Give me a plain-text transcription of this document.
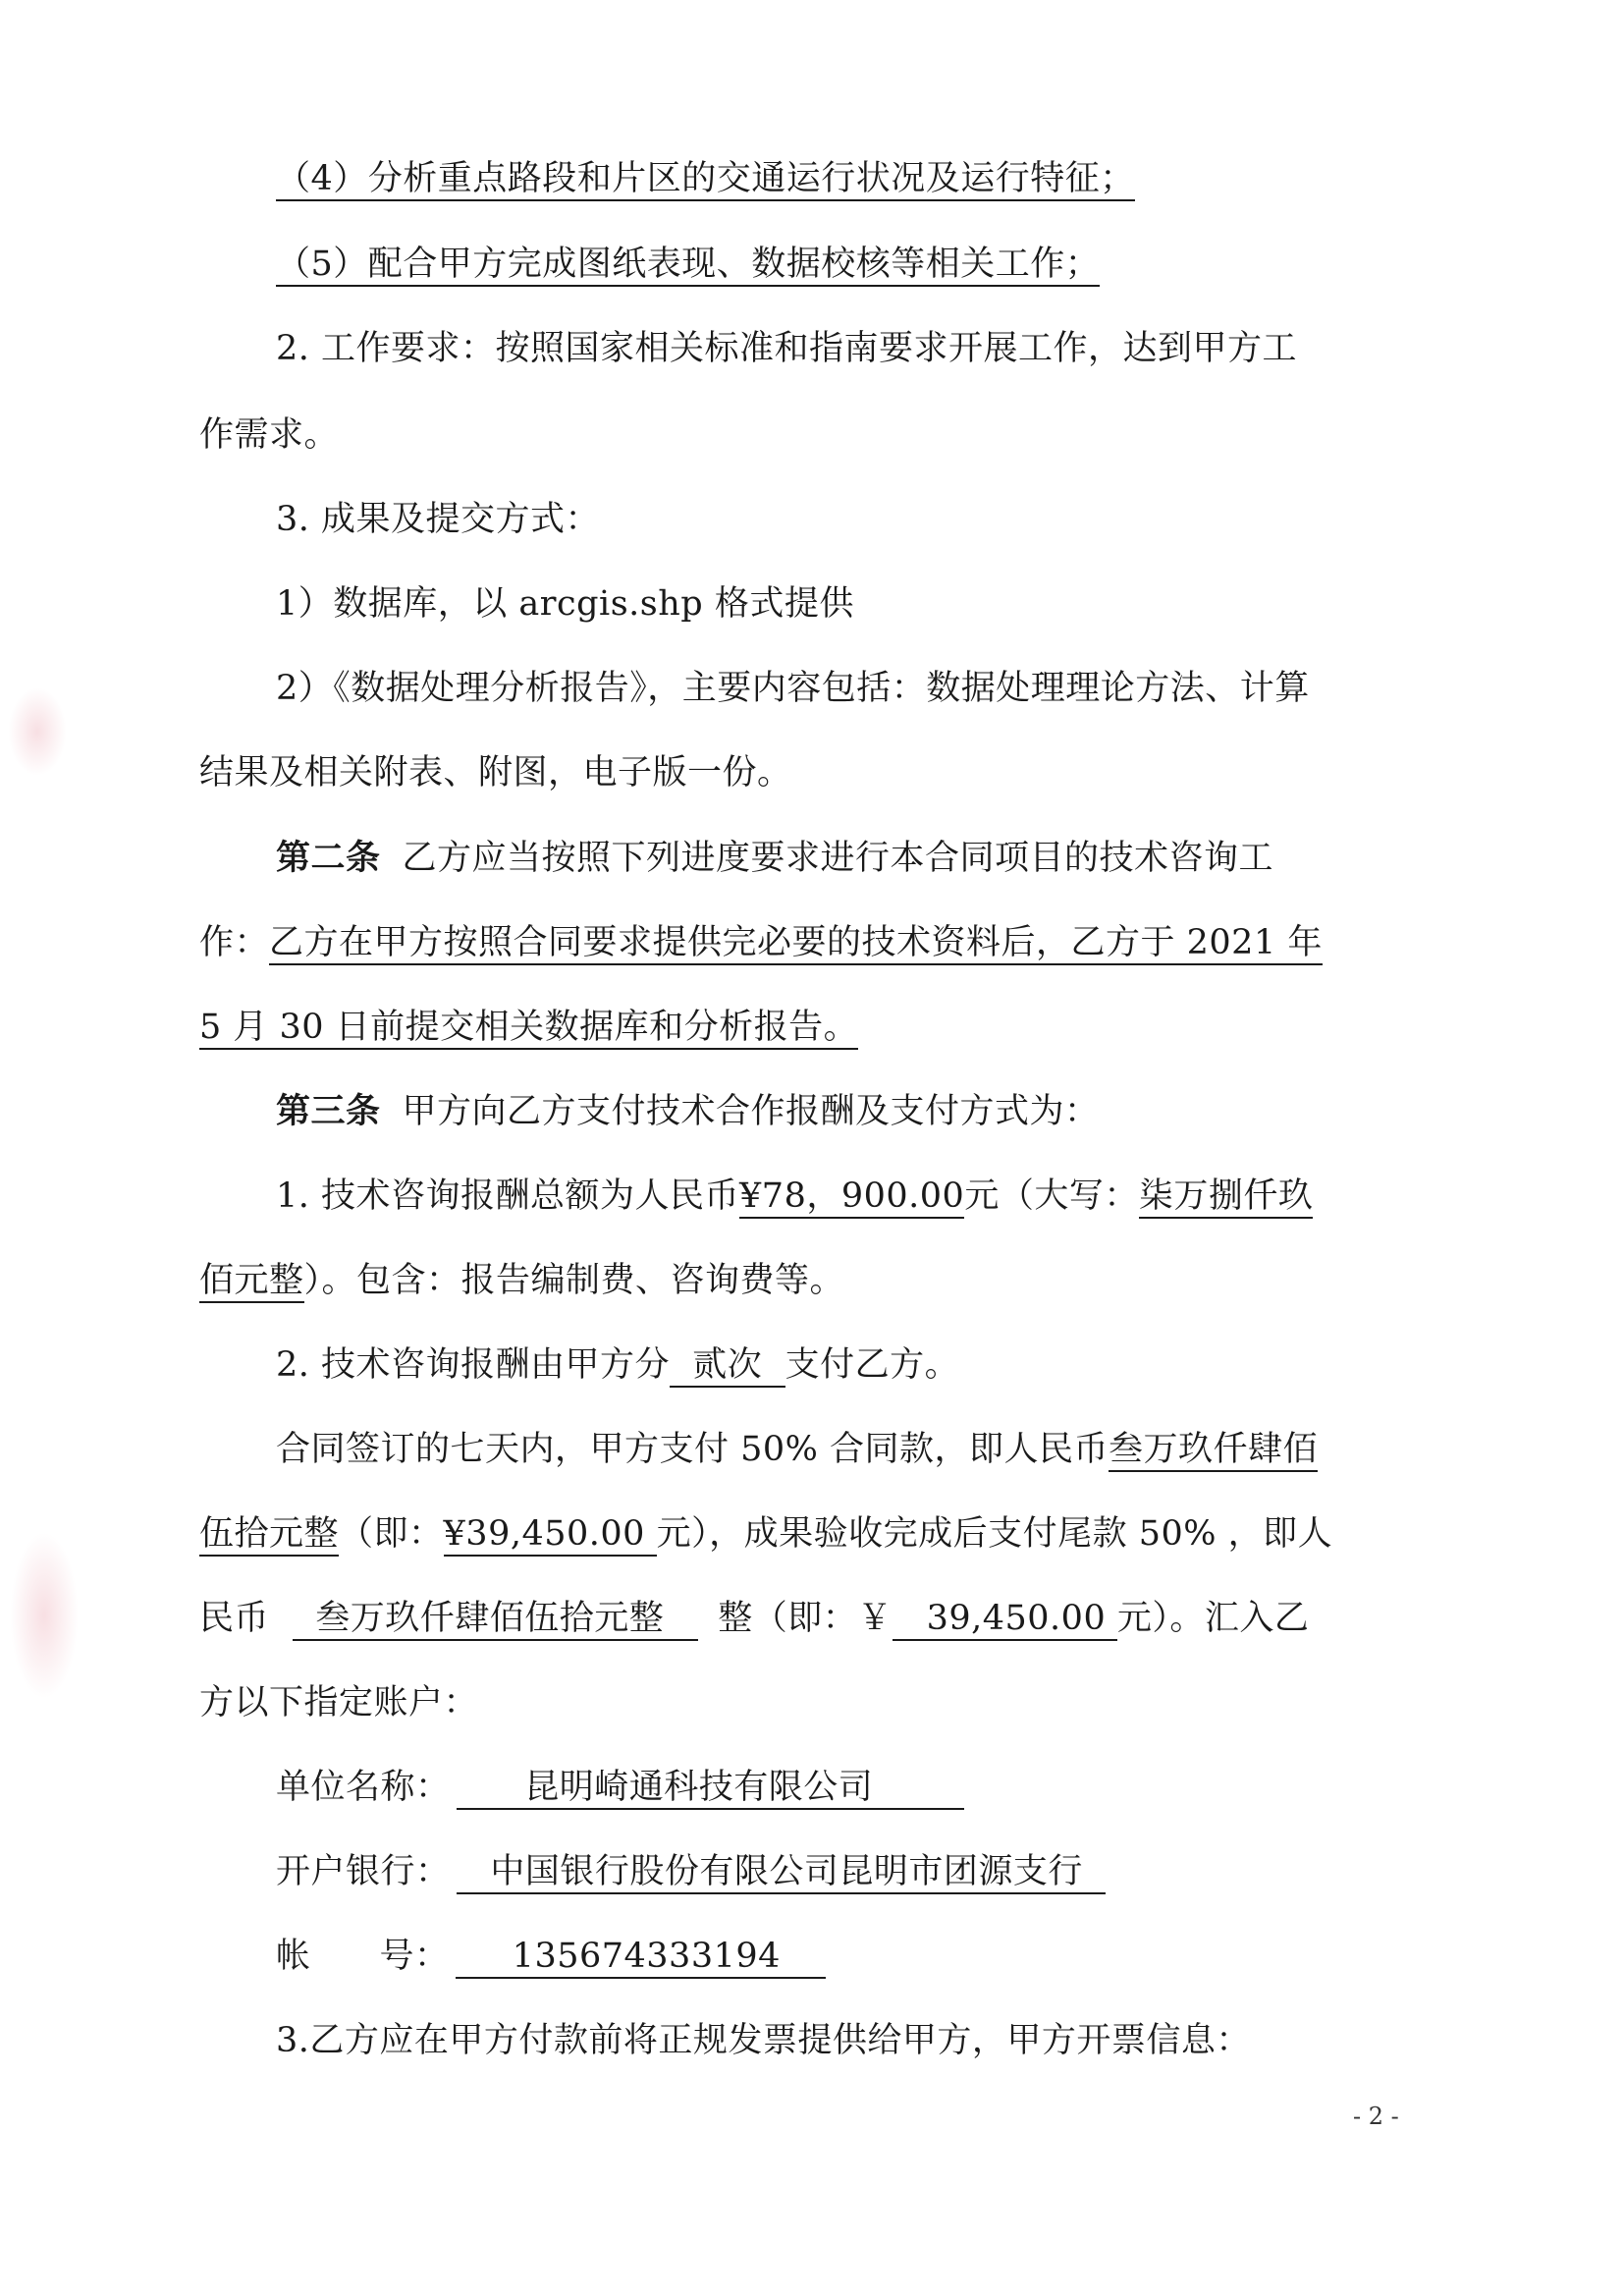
（4）分析重点路段和片区的交通运行状况及运行特征；
（5）配合甲方完成图纸表现、数据校核等相关工作；
2. 工作要求：按照国家相关标准和指南要求开展工作，达到甲方工
作需求。
3. 成果及提交方式：
1）数据库，以 arcgis.shp 格式提供
2）《数据处理分析报告》，主要内容包括：数据处理理论方法、计算
结果及相关附表、附图，电子版一份。
第二条 乙方应当按照下列进度要求进行本合同项目的技术咨询工
作：乙方在甲方按照合同要求提供完必要的技术资料后，乙方于 2021 年
5 月 30 日前提交相关数据库和分析报告。
第三条 甲方向乙方支付技术合作报酬及支付方式为：
1. 技术咨询报酬总额为人民币¥78，900.00元（大写：柒万捌仟玖
佰元整）。包含：报告编制费、咨询费等。
2. 技术咨询报酬由甲方分 贰次 支付乙方。
合同签订的七天内，甲方支付 50% 合同款，即人民币叁万玖仟肆佰
伍拾元整（即：¥39,450.00 元），成果验收完成后支付尾款 50% ，即人
民币 叁万玖仟肆佰伍拾元整 整（即：￥ 39,450.00 元）。汇入乙
方以下指定账户：
单位名称： 昆明崎通科技有限公司
开户银行： 中国银行股份有限公司昆明市团源支行
帐 号： 135674333194
3.乙方应在甲方付款前将正规发票提供给甲方，甲方开票信息：
- 2 -
